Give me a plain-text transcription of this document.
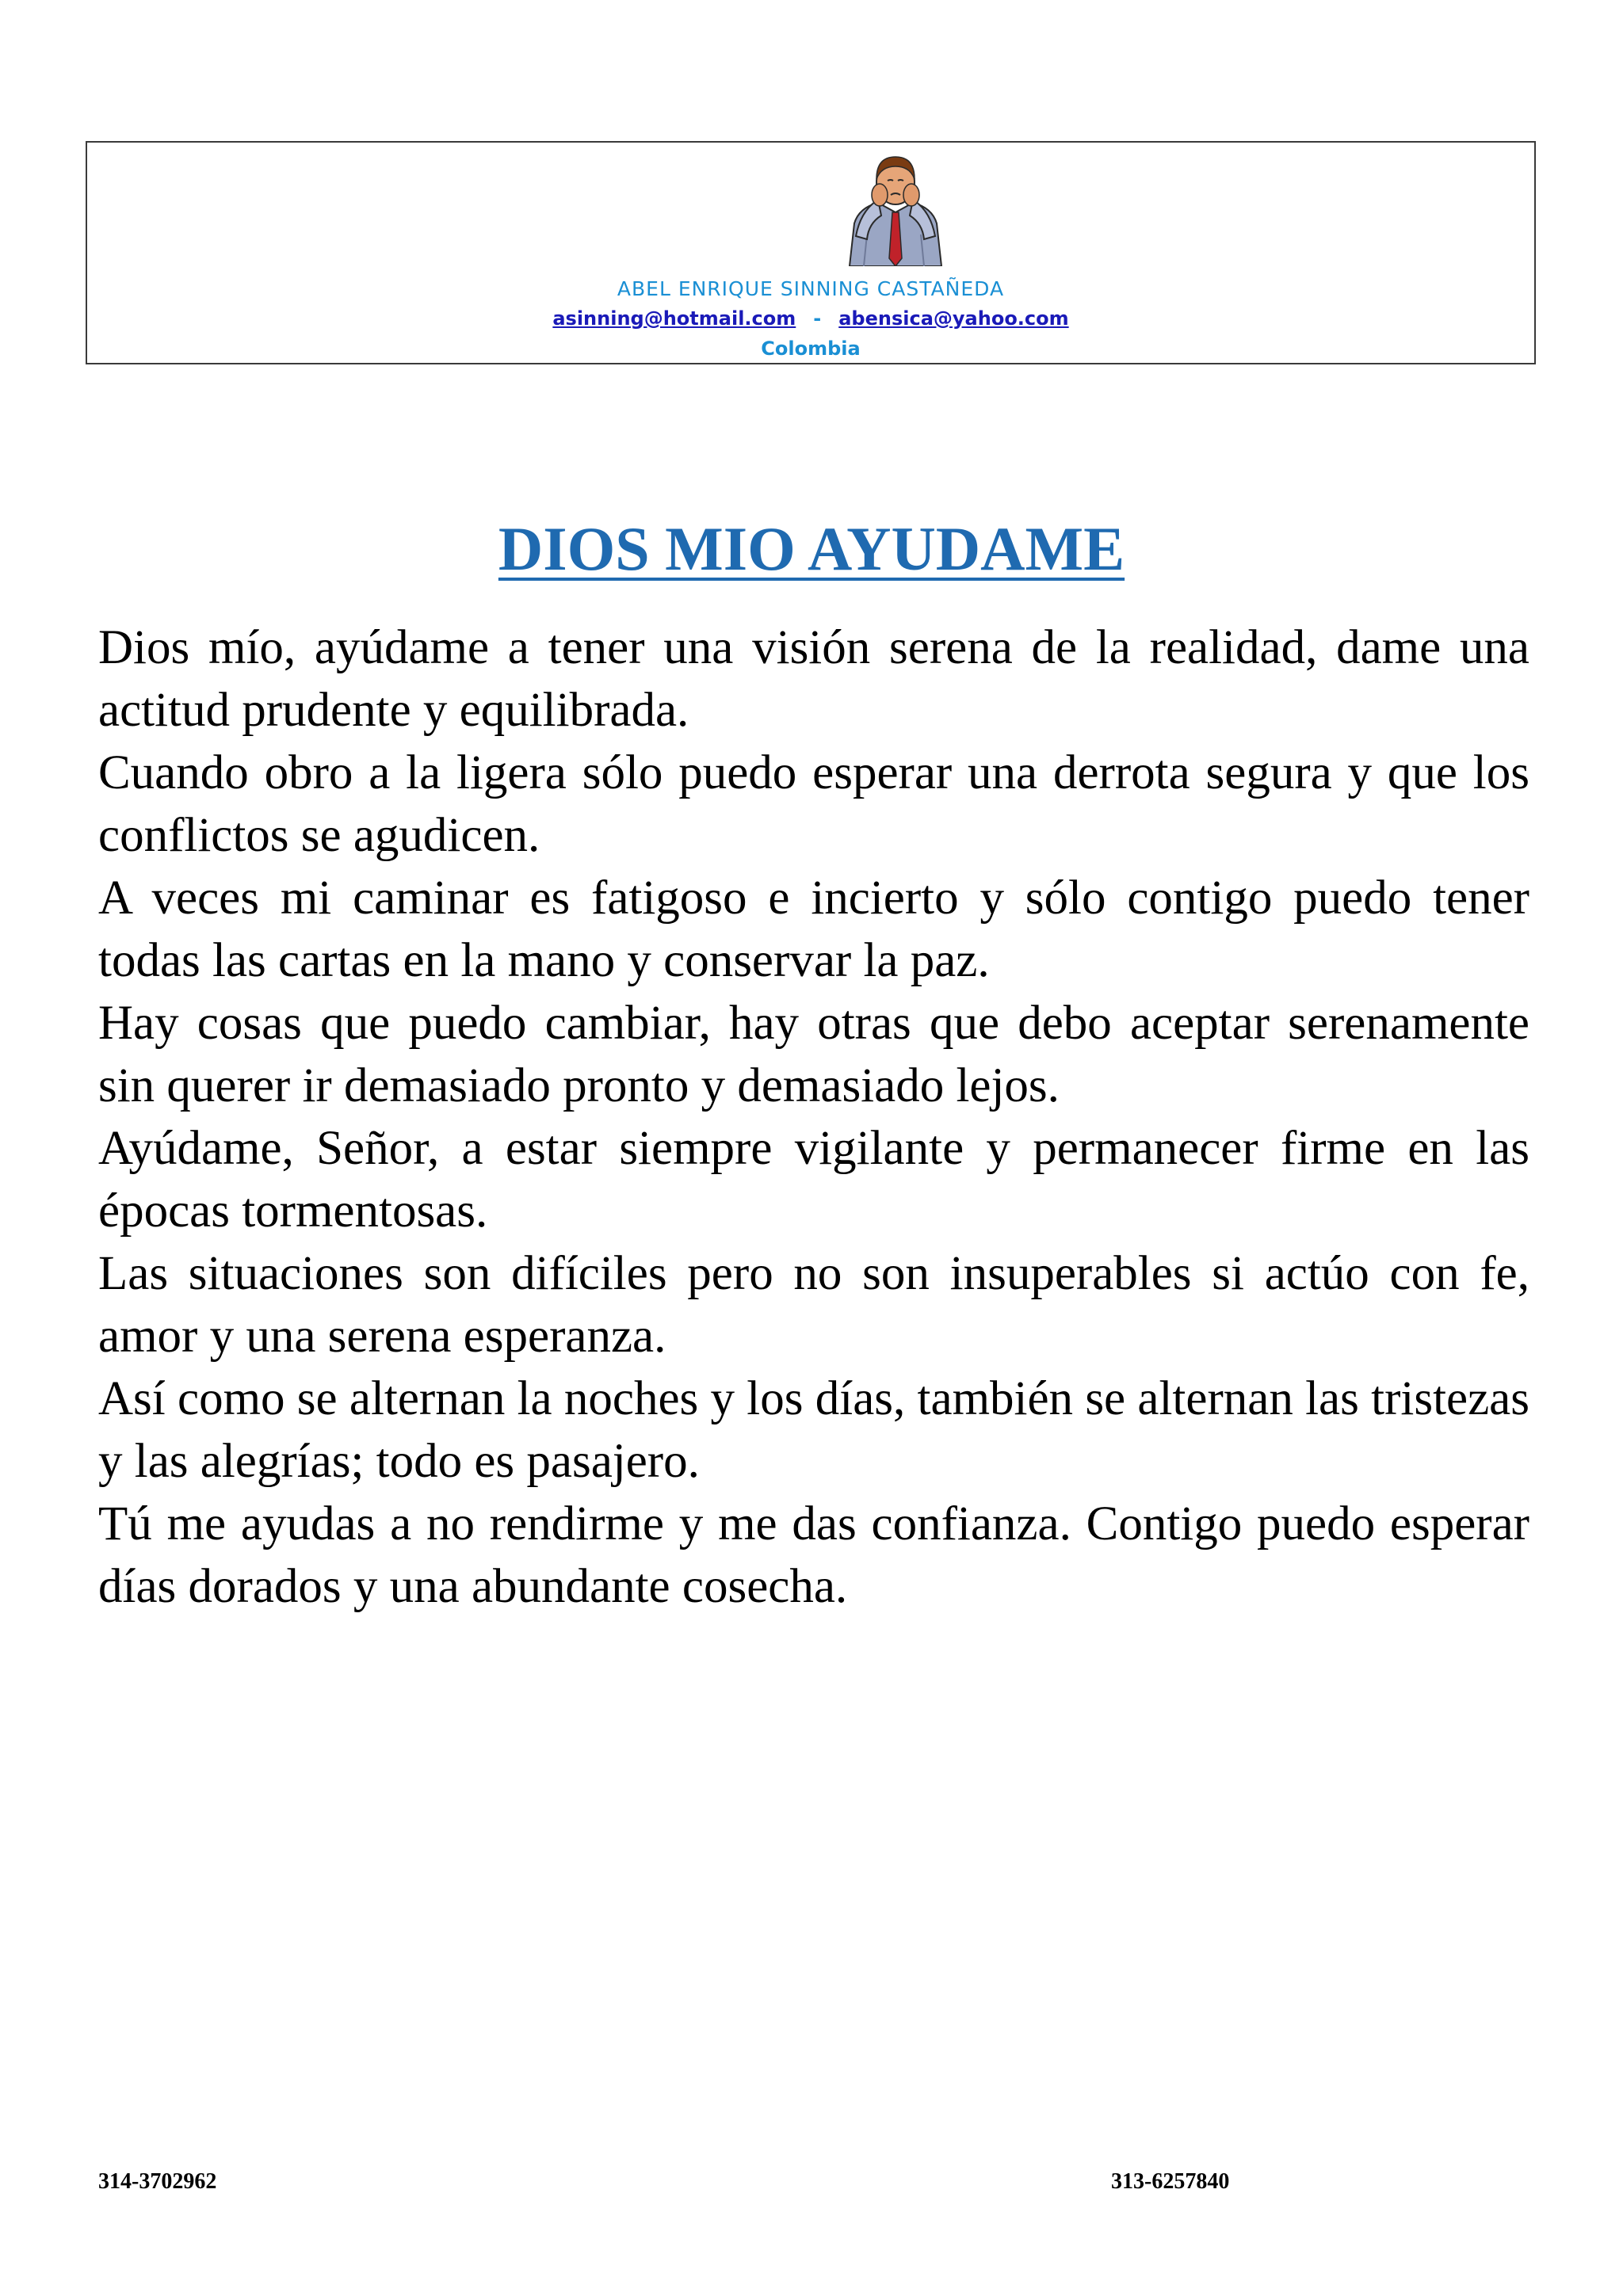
ABEL ENRIQUE SINNING CASTAÑEDA
asinning@hotmail.com - abensica@yahoo.com
Colombia
DIOS MIO AYUDAME

Dios mío, ayúdame a tener una visión serena de la realidad, dame una actitud prudente y equilibrada.

Cuando obro a la ligera sólo puedo esperar una derrota segura y que los conflictos se agudicen.

A veces mi caminar es fatigoso e incierto y sólo contigo puedo tener todas las cartas en la mano y conservar la paz.

Hay cosas que puedo cambiar, hay otras que debo aceptar serenamente sin querer ir demasiado pronto y demasiado lejos.

Ayúdame, Señor, a estar siempre vigilante y permanecer firme en las épocas tormentosas.

Las situaciones son difíciles pero no son insuperables si actúo con fe, amor y una serena esperanza.

Así como se alternan la noches y los días, también se alternan las tristezas y las alegrías; todo es pasajero.

Tú me ayudas a no rendirme y me das confianza. Contigo puedo esperar días dorados y una abundante cosecha.

314-3702962	313-6257840
